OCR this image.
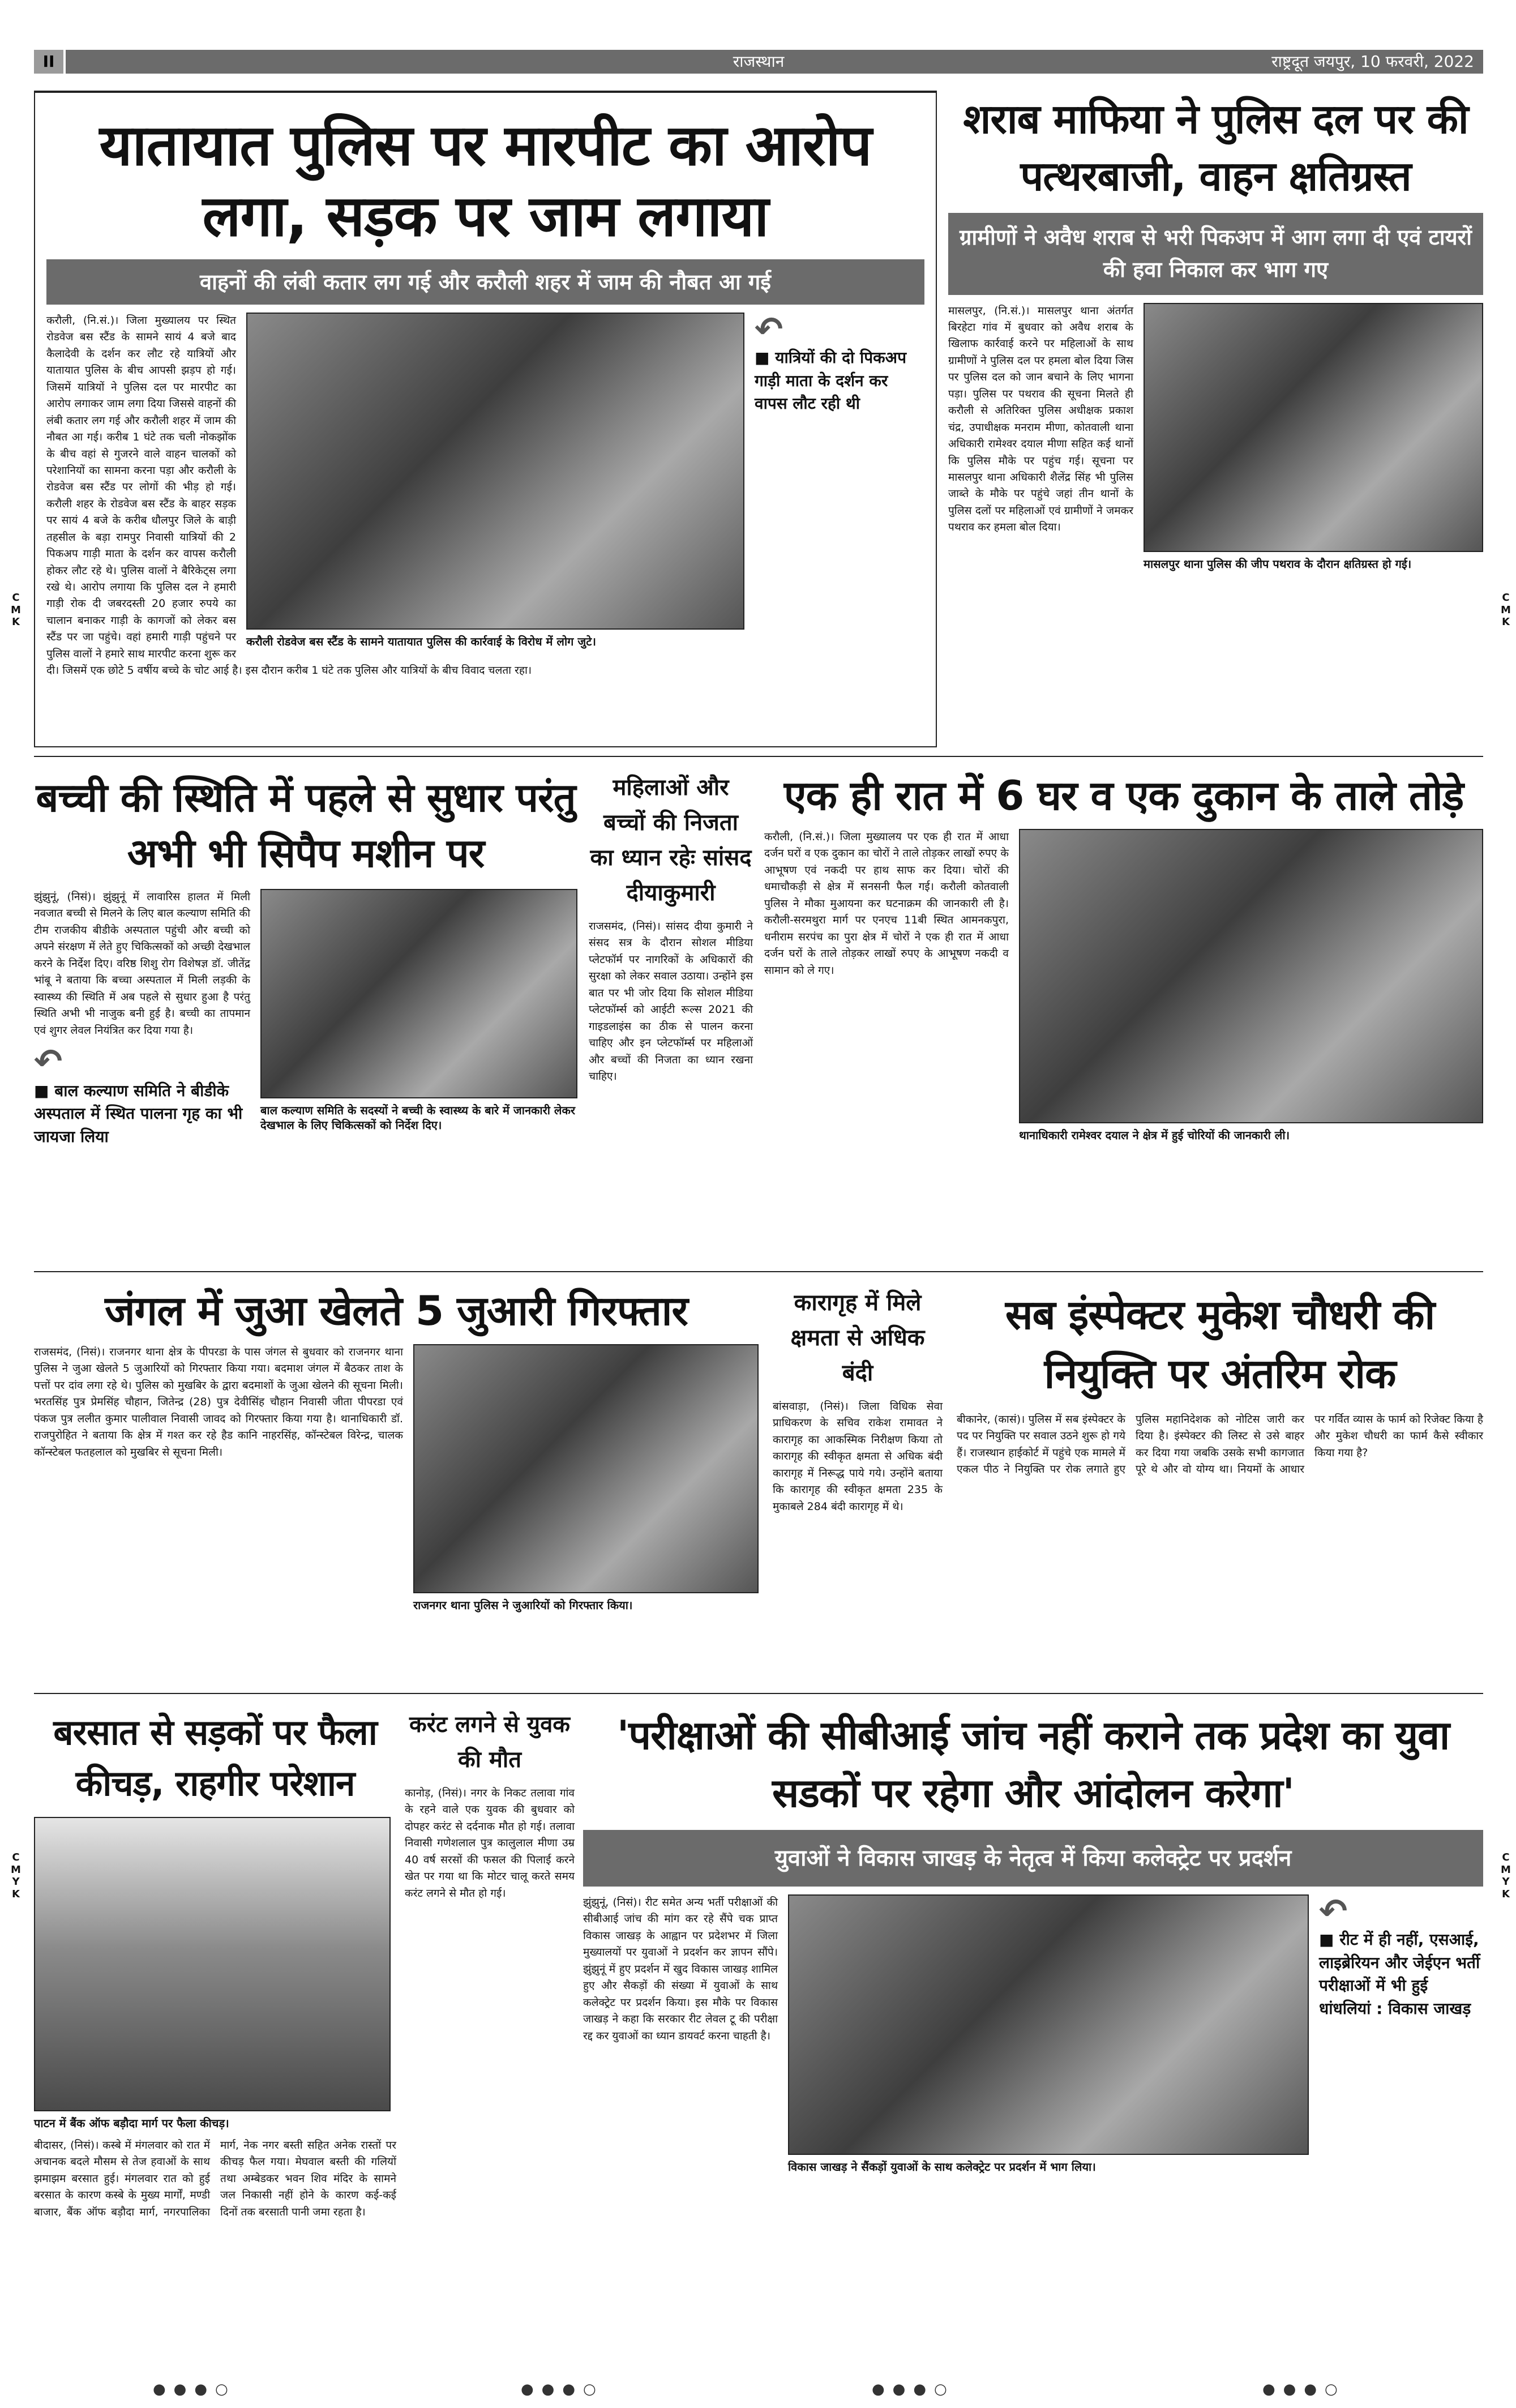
C
M
K
C
M
K
C
M
Y
K
C
M
Y
K
II	राजस्थान	राष्ट्रदूत जयपुर, 10 फरवरी, 2022
यातायात पुलिस पर मारपीट का आरोप लगा, सड़क पर जाम लगाया
वाहनों की लंबी कतार लग गई और करौली शहर में जाम की नौबत आ गई
↶
■ यात्रियों की दो पिकअप गाड़ी माता के दर्शन कर वापस लौट रही थी
करौली रोडवेज बस स्टैंड के सामने यातायात पुलिस की कार्रवाई के विरोध में लोग जुटे।

करौली, (नि.सं.)। जिला मुख्यालय पर स्थित रोडवेज बस स्टैंड के सामने सायं 4 बजे बाद कैलादेवी के दर्शन कर लौट रहे यात्रियों और यातायात पुलिस के बीच आपसी झड़प हो गई। जिसमें यात्रियों ने पुलिस दल पर मारपीट का आरोप लगाकर जाम लगा दिया जिससे वाहनों की लंबी कतार लग गई और करौली शहर में जाम की नौबत आ गई। करीब 1 घंटे तक चली नोकझोंक के बीच वहां से गुजरने वाले वाहन चालकों को परेशानियों का सामना करना पड़ा और करौली के रोडवेज बस स्टैंड पर लोगों की भीड़ हो गई। करौली शहर के रोडवेज बस स्टैंड के बाहर सड़क पर सायं 4 बजे के करीब धौलपुर जिले के बाड़ी तहसील के बड़ा रामपुर निवासी यात्रियों की 2 पिकअप गाड़ी माता के दर्शन कर वापस करौली होकर लौट रहे थे। पुलिस वालों ने बैरिकेट्स लगा रखे थे। आरोप लगाया कि पुलिस दल ने हमारी गाड़ी रोक दी जबरदस्ती 20 हजार रुपये का चालान बनाकर गाड़ी के कागजों को लेकर बस स्टैंड पर जा पहुंचे। वहां हमारी गाड़ी पहुंचने पर पुलिस वालों ने हमारे साथ मारपीट करना शुरू कर दी। जिसमें एक छोटे 5 वर्षीय बच्चे के चोट आई है। इस दौरान करीब 1 घंटे तक पुलिस और यात्रियों के बीच विवाद चलता रहा।

शराब माफिया ने पुलिस दल पर की पत्थरबाजी, वाहन क्षतिग्रस्त
ग्रामीणों ने अवैध शराब से भरी पिकअप में आग लगा दी एवं टायरों की हवा निकाल कर भाग गए
मासलपुर थाना पुलिस की जीप पथराव के दौरान क्षतिग्रस्त हो गई।

मासलपुर, (नि.सं.)। मासलपुर थाना अंतर्गत बिरहेटा गांव में बुधवार को अवैध शराब के खिलाफ कार्रवाई करने पर महिलाओं के साथ ग्रामीणों ने पुलिस दल पर हमला बोल दिया जिस पर पुलिस दल को जान बचाने के लिए भागना पड़ा। पुलिस पर पथराव की सूचना मिलते ही करौली से अतिरिक्त पुलिस अधीक्षक प्रकाश चंद्र, उपाधीक्षक मनराम मीणा, कोतवाली थाना अधिकारी रामेश्वर दयाल मीणा सहित कई थानों कि पुलिस मौके पर पहुंच गई। सूचना पर मासलपुर थाना अधिकारी शैलेंद्र सिंह भी पुलिस जाब्ते के मौके पर पहुंचे जहां तीन थानों के पुलिस दलों पर महिलाओं एवं ग्रामीणों ने जमकर पथराव कर हमला बोल दिया।

बच्ची की स्थिति में पहले से सुधार परंतु अभी भी सिपैप मशीन पर
बाल कल्याण समिति के सदस्यों ने बच्ची के स्वास्थ्य के बारे में जानकारी लेकर देखभाल के लिए चिकित्सकों को निर्देश दिए।

झुंझुनूं, (निसं)। झुंझुनूं में लावारिस हालत में मिली नवजात बच्ची से मिलने के लिए बाल कल्याण समिति की टीम राजकीय बीडीके अस्पताल पहुंची और बच्ची को अपने संरक्षण में लेते हुए चिकित्सकों को अच्छी देखभाल करने के निर्देश दिए। वरिष्ठ शिशु रोग विशेषज्ञ डॉ. जीतेंद्र भांबू ने बताया कि बच्चा अस्पताल में मिली लड़की के स्वास्थ्य की स्थिति में अब पहले से सुधार हुआ है परंतु स्थिति अभी भी नाजुक बनी हुई है। बच्ची का तापमान एवं शुगर लेवल नियंत्रित कर दिया गया है।

↶
■ बाल कल्याण समिति ने बीडीके अस्पताल में स्थित पालना गृह का भी जायजा लिया
महिलाओं और बच्चों की निजता का ध्यान रहेः सांसद दीयाकुमारी

राजसमंद, (निसं)। सांसद दीया कुमारी ने संसद सत्र के दौरान सोशल मीडिया प्लेटफॉर्म पर नागरिकों के अधिकारों की सुरक्षा को लेकर सवाल उठाया। उन्होंने इस बात पर भी जोर दिया कि सोशल मीडिया प्लेटफॉर्म्स को आईटी रूल्स 2021 की गाइडलाइंस का ठीक से पालन करना चाहिए और इन प्लेटफॉर्म्स पर महिलाओं और बच्चों की निजता का ध्यान रखना चाहिए।

एक ही रात में 6 घर व एक दुकान के ताले तोड़े
थानाधिकारी रामेश्वर दयाल ने क्षेत्र में हुई चोरियों की जानकारी ली।

करौली, (नि.सं.)। जिला मुख्यालय पर एक ही रात में आधा दर्जन घरों व एक दुकान का चोरों ने ताले तोड़कर लाखों रुपए के आभूषण एवं नकदी पर हाथ साफ कर दिया। चोरों की धमाचौकड़ी से क्षेत्र में सनसनी फैल गई। करौली कोतवाली पुलिस ने मौका मुआयना कर घटनाक्रम की जानकारी ली है। करौली-सरमथुरा मार्ग पर एनएच 11बी स्थित आमनकपुरा, धनीराम सरपंच का पुरा क्षेत्र में चोरों ने एक ही रात में आधा दर्जन घरों के ताले तोड़कर लाखों रुपए के आभूषण नकदी व सामान को ले गए।

जंगल में जुआ खेलते 5 जुआरी गिरफ्तार
राजनगर थाना पुलिस ने जुआरियों को गिरफ्तार किया।

राजसमंद, (निसं)। राजनगर थाना क्षेत्र के पीपरडा के पास जंगल से बुधवार को राजनगर थाना पुलिस ने जुआ खेलते 5 जुआरियों को गिरफ्तार किया गया। बदमाश जंगल में बैठकर ताश के पत्तों पर दांव लगा रहे थे। पुलिस को मुखबिर के द्वारा बदमाशों के जुआ खेलने की सूचना मिली। भरतसिंह पुत्र प्रेमसिंह चौहान, जितेन्द्र (28) पुत्र देवीसिंह चौहान निवासी जीता पीपरडा एवं पंकज पुत्र ललीत कुमार पालीवाल निवासी जावद को गिरफ्तार किया गया है। थानाधिकारी डॉ. राजपुरोहित ने बताया कि क्षेत्र में गश्त कर रहे हैड कानि नाहरसिंह, कॉन्स्टेबल विरेन्द्र, चालक कॉन्स्टेबल फतहलाल को मुखबिर से सूचना मिली।

कारागृह में मिले क्षमता से अधिक बंदी

बांसवाड़ा, (निसं)। जिला विधिक सेवा प्राधिकरण के सचिव राकेश रामावत ने कारागृह का आकस्मिक निरीक्षण किया तो कारागृह की स्वीकृत क्षमता से अधिक बंदी कारागृह में निरूद्ध पाये गये। उन्होंने बताया कि कारागृह की स्वीकृत क्षमता 235 के मुकाबले 284 बंदी कारागृह में थे।

सब इंस्पेक्टर मुकेश चौधरी की नियुक्ति पर अंतरिम रोक

बीकानेर, (कासं)। पुलिस में सब इंस्पेक्टर के पद पर नियुक्ति पर सवाल उठने शुरू हो गये हैं। राजस्थान हाईकोर्ट में पहुंचे एक मामले में एकल पीठ ने नियुक्ति पर रोक लगाते हुए पुलिस महानिदेशक को नोटिस जारी कर दिया है। इंस्पेक्टर की लिस्ट से उसे बाहर कर दिया गया जबकि उसके सभी कागजात पूरे थे और वो योग्य था। नियमों के आधार पर गर्वित व्यास के फार्म को रिजेक्ट किया है और मुकेश चौधरी का फार्म कैसे स्वीकार किया गया है?

बरसात से सड़कों पर फैला कीचड़, राहगीर परेशान
पाटन में बैंक ऑफ बड़ौदा मार्ग पर फैला कीचड़।

बीदासर, (निसं)। कस्बे में मंगलवार को रात में अचानक बदले मौसम से तेज हवाओं के साथ झमाझम बरसात हुई। मंगलवार रात को हुई बरसात के कारण कस्बे के मुख्य मार्गों, मण्डी बाजार, बैंक ऑफ बड़ौदा मार्ग, नगरपालिका मार्ग, नेक नगर बस्ती सहित अनेक रास्तों पर कीचड़ फैल गया। मेघवाल बस्ती की गलियों तथा अम्बेडकर भवन शिव मंदिर के सामने जल निकासी नहीं होने के कारण कई-कई दिनों तक बरसाती पानी जमा रहता है।

करंट लगने से युवक की मौत

कानोड़, (निसं)। नगर के निकट तलावा गांव के रहने वाले एक युवक की बुधवार को दोपहर करंट से दर्दनाक मौत हो गई। तलावा निवासी गणेशलाल पुत्र कालुलाल मीणा उम्र 40 वर्ष सरसों की फसल की पिलाई करने खेत पर गया था कि मोटर चालू करते समय करंट लगने से मौत हो गई।

'परीक्षाओं की सीबीआई जांच नहीं कराने तक प्रदेश का युवा सडकों पर रहेगा और आंदोलन करेगा'
युवाओं ने विकास जाखड़ के नेतृत्व में किया कलेक्ट्रेट पर प्रदर्शन
↶
■ रीट में ही नहीं, एसआई, लाइब्रेरियन और जेईएन भर्ती परीक्षाओं में भी हुई धांधलियां : विकास जाखड़
विकास जाखड़ ने सैंकड़ों युवाओं के साथ कलेक्ट्रेट पर प्रदर्शन में भाग लिया।

झुंझुनूं, (निसं)। रीट समेत अन्य भर्ती परीक्षाओं की सीबीआई जांच की मांग कर रहे सैंपे चक प्राप्त विकास जाखड़ के आह्वान पर प्रदेशभर में जिला मुख्यालयों पर युवाओं ने प्रदर्शन कर ज्ञापन सौंपे। झुंझुनूं में हुए प्रदर्शन में खुद विकास जाखड़ शामिल हुए और सैकड़ों की संख्या में युवाओं के साथ कलेक्ट्रेट पर प्रदर्शन किया। इस मौके पर विकास जाखड़ ने कहा कि सरकार रीट लेवल टू की परीक्षा रद्द कर युवाओं का ध्यान डायवर्ट करना चाहती है।

●●●○	●●●○	●●●○	●●●○
